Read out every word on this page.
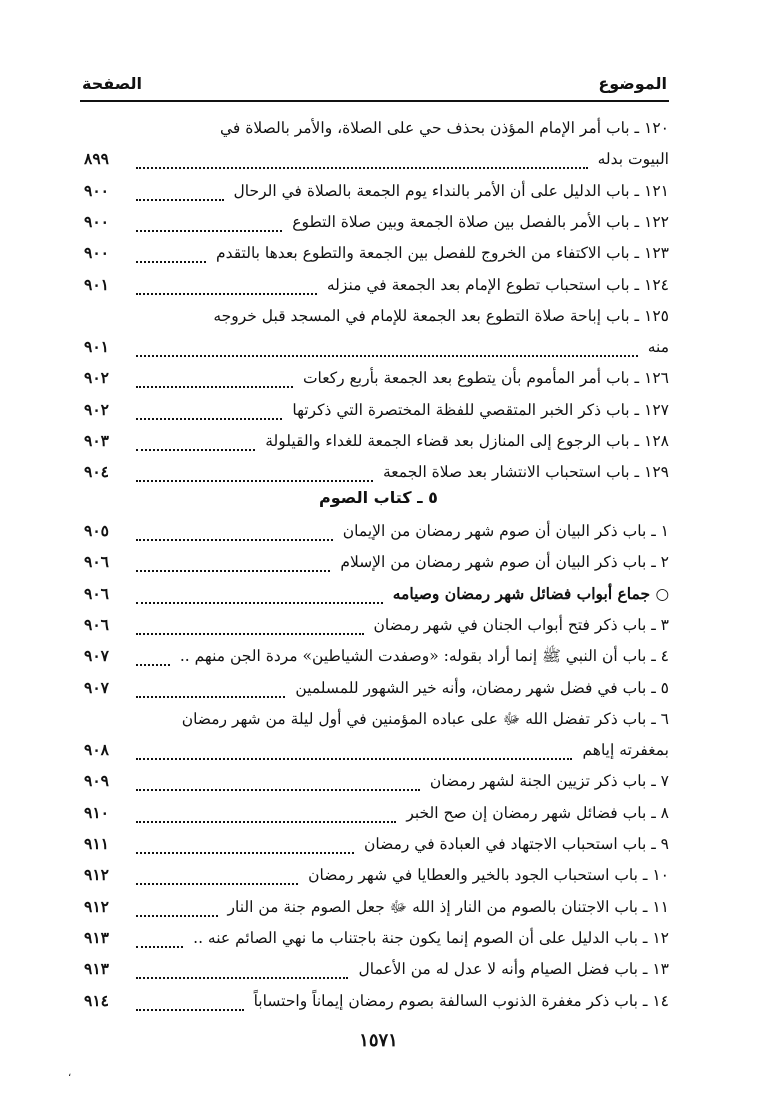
الموضوع
الصفحة
١٢٠ ـ باب أمر الإمام المؤذن بحذف حي على الصلاة، والأمر بالصلاة في
البيوت بدله
٨٩٩
١٢١ ـ باب الدليل على أن الأمر بالنداء يوم الجمعة بالصلاة في الرحال
٩٠٠
١٢٢ ـ باب الأمر بالفصل بين صلاة الجمعة وبين صلاة التطوع
٩٠٠
١٢٣ ـ باب الاكتفاء من الخروج للفصل بين الجمعة والتطوع بعدها بالتقدم
٩٠٠
١٢٤ ـ باب استحباب تطوع الإمام بعد الجمعة في منزله
٩٠١
١٢٥ ـ باب إباحة صلاة التطوع بعد الجمعة للإمام في المسجد قبل خروجه
منه
٩٠١
١٢٦ ـ باب أمر المأموم بأن يتطوع بعد الجمعة بأربع ركعات
٩٠٢
١٢٧ ـ باب ذكر الخبر المتقصي للفظة المختصرة التي ذكرتها
٩٠٢
١٢٨ ـ باب الرجوع إلى المنازل بعد قضاء الجمعة للغداء والقيلولة
٩٠٣
١٢٩ ـ باب استحباب الانتشار بعد صلاة الجمعة
٩٠٤
٥ ـ كتاب الصوم
١ ـ باب ذكر البيان أن صوم شهر رمضان من الإيمان
٩٠٥
٢ ـ باب ذكر البيان أن صوم شهر رمضان من الإسلام
٩٠٦
○ جماع أبواب فضائل شهر رمضان وصيامه
٩٠٦
٣ ـ باب ذكر فتح أبواب الجنان في شهر رمضان
٩٠٦
٤ ـ باب أن النبي ﷺ إنما أراد بقوله: «وصفدت الشياطين» مردة الجن منهم ..
٩٠٧
٥ ـ باب في فضل شهر رمضان، وأنه خير الشهور للمسلمين
٩٠٧
٦ ـ باب ذكر تفضل الله ﷻ على عباده المؤمنين في أول ليلة من شهر رمضان
بمغفرته إياهم
٩٠٨
٧ ـ باب ذكر تزيين الجنة لشهر رمضان
٩٠٩
٨ ـ باب فضائل شهر رمضان إن صح الخبر
٩١٠
٩ ـ باب استحباب الاجتهاد في العبادة في رمضان
٩١١
١٠ ـ باب استحباب الجود بالخير والعطايا في شهر رمضان
٩١٢
١١ ـ باب الاجتنان بالصوم من النار إذ الله ﷻ جعل الصوم جنة من النار
٩١٢
١٢ ـ باب الدليل على أن الصوم إنما يكون جنة باجتناب ما نهي الصائم عنه ..
٩١٣
١٣ ـ باب فضل الصيام وأنه لا عدل له من الأعمال
٩١٣
١٤ ـ باب ذكر مغفرة الذنوب السالفة بصوم رمضان إيماناً واحتساباً
٩١٤
١٥٧١
،
